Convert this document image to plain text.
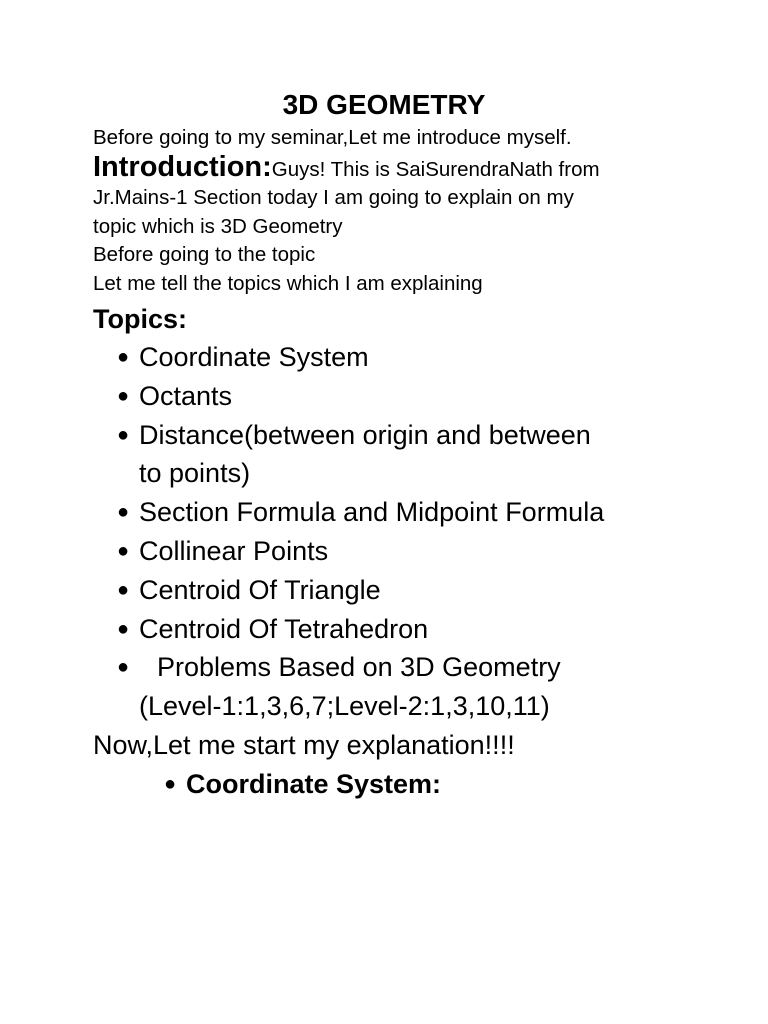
3D GEOMETRY
Before going to my seminar,Let me introduce myself.
Introduction:Guys! This is SaiSurendraNath from
Jr.Mains-1 Section today I am going to explain on my
topic which is 3D Geometry
Before going to the topic
Let me tell the topics which I am explaining
Topics:
● Coordinate System
● Octants
● Distance(between origin and between
to points)
● Section Formula and Midpoint Formula
● Collinear Points
● Centroid Of Triangle
● Centroid Of Tetrahedron
● Problems Based on 3D Geometry
(Level-1:1,3,6,7;Level-2:1,3,10,11)
Now,Let me start my explanation!!!!
● Coordinate System:
